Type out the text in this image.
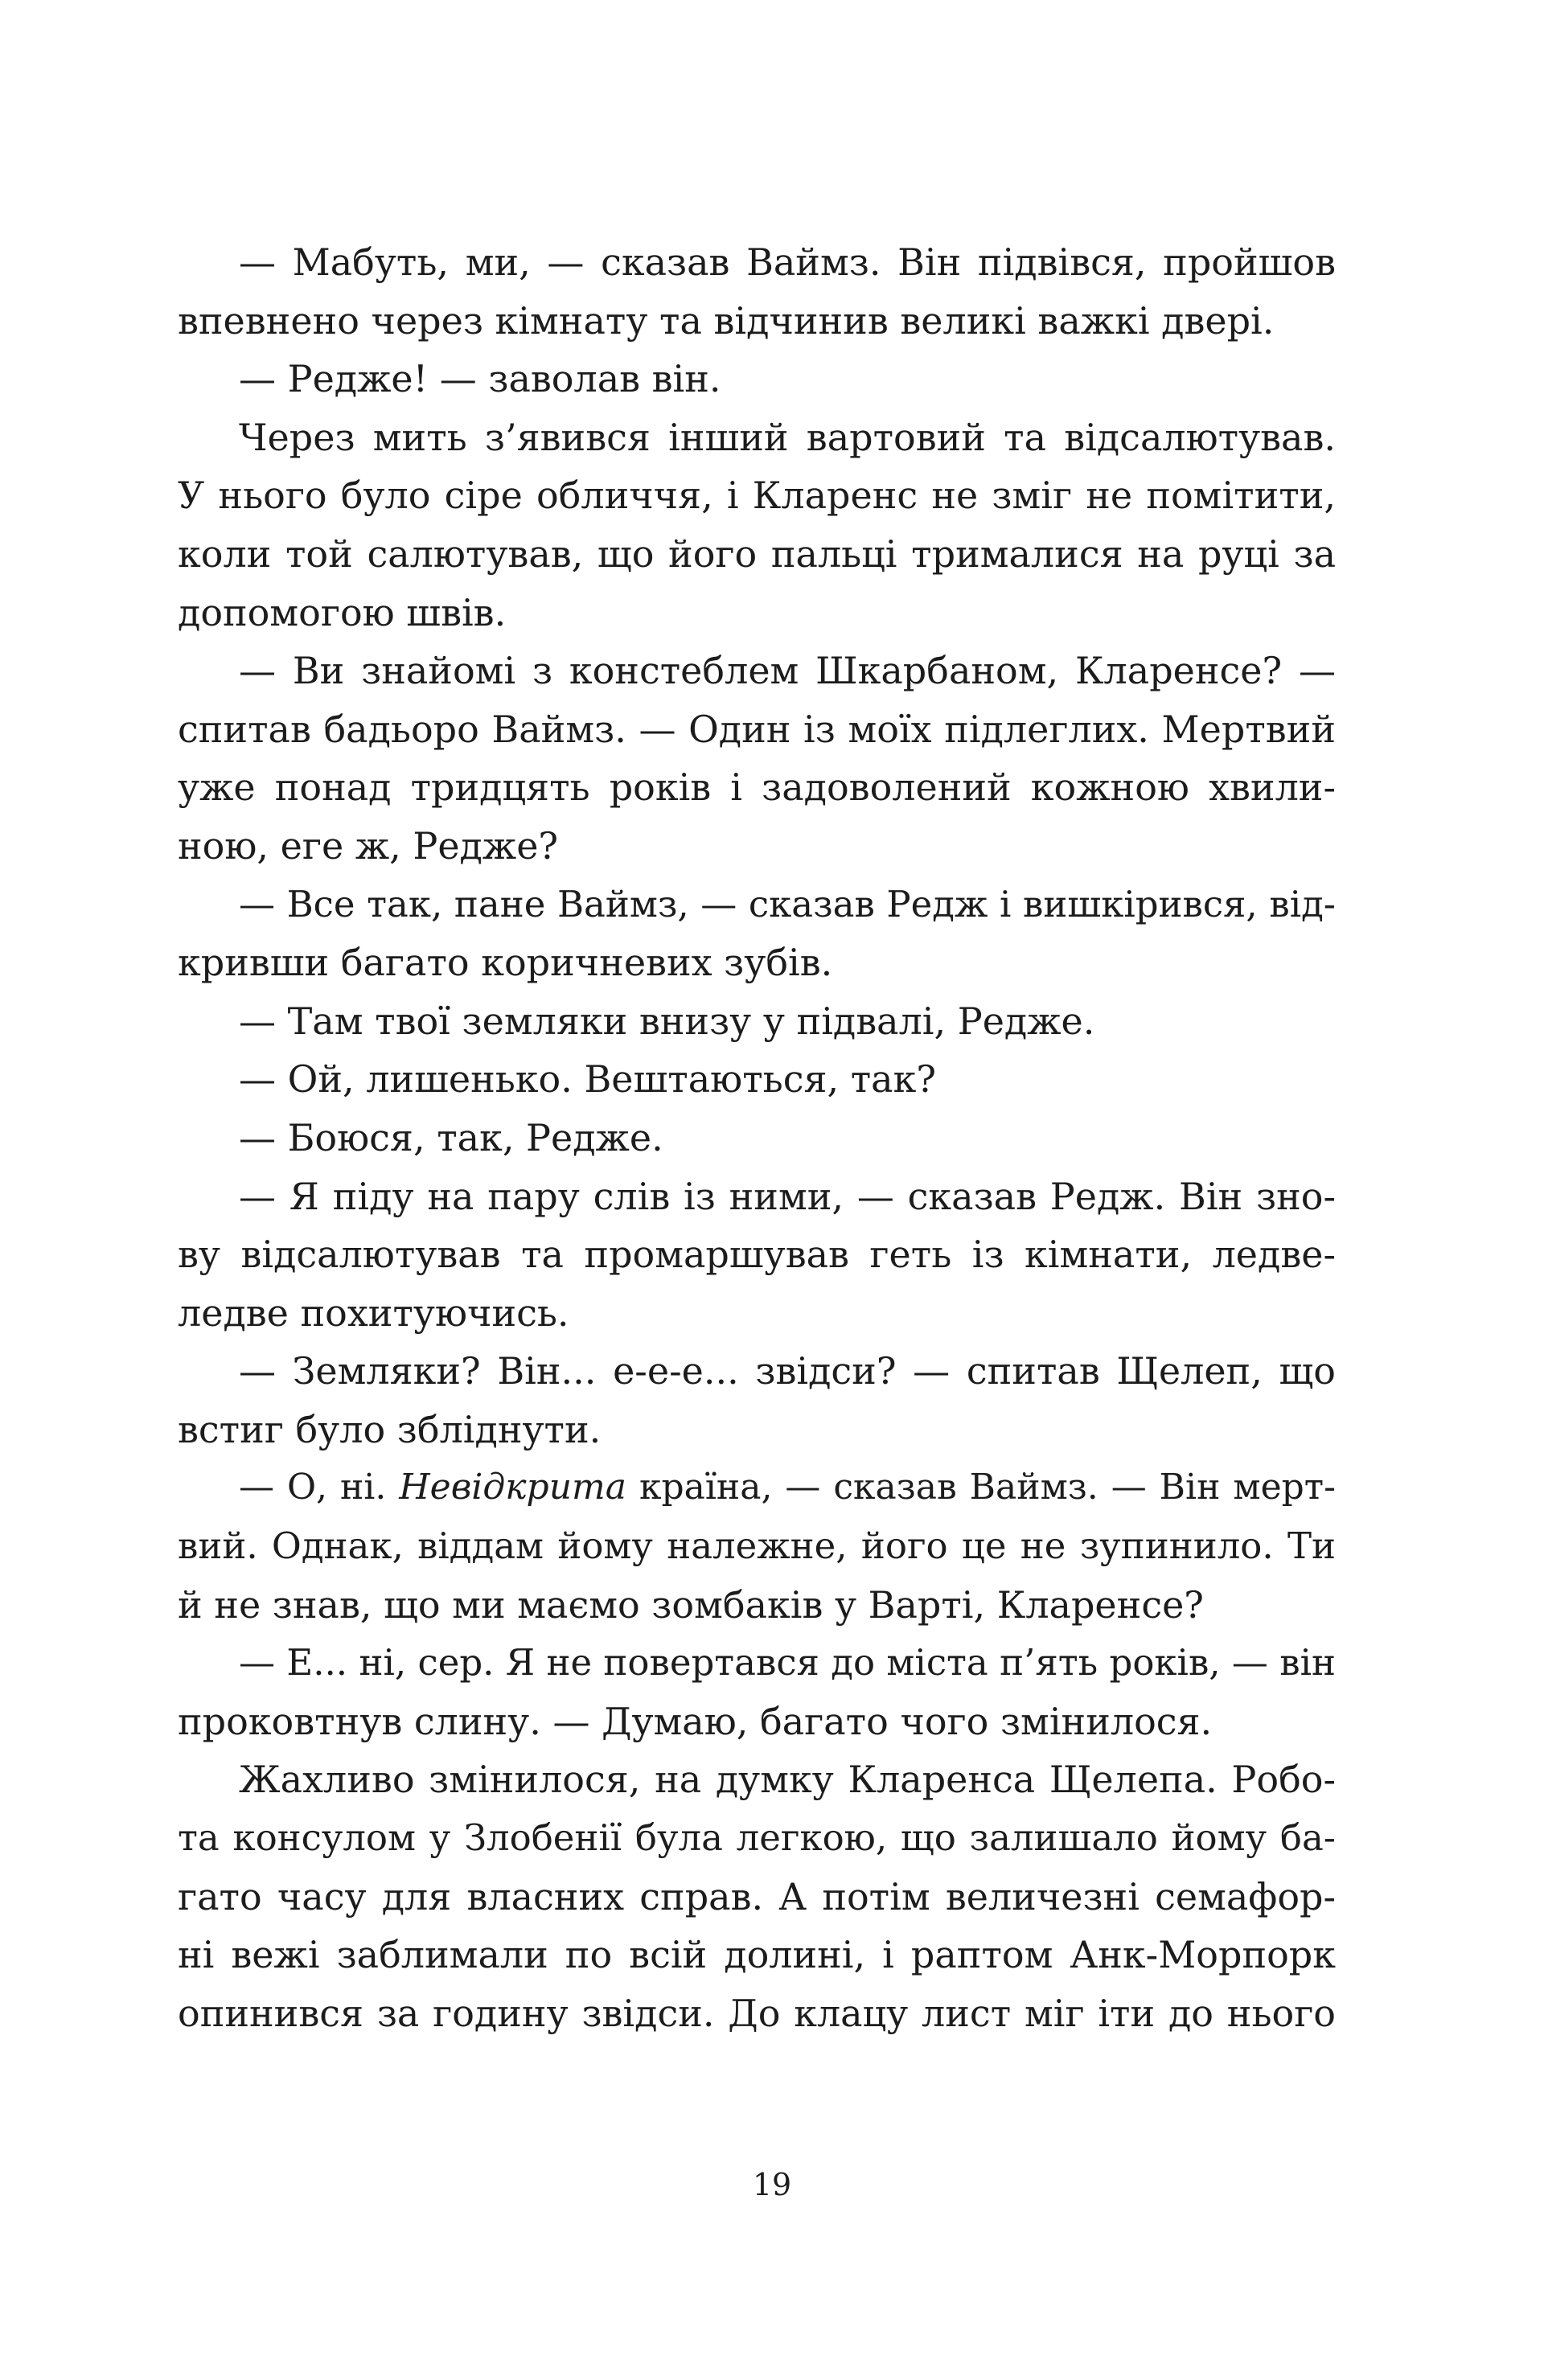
— Мабуть, ми, — сказав Ваймз. Він підвівся, пройшов
впевнено через кімнату та відчинив великі важкі двері.
— Редже! — заволав він.
Через мить з’явився інший вартовий та відсалютував.
У нього було сіре обличчя, і Кларенс не зміг не помітити,
коли той салютував, що його пальці трималися на руці за
допомогою швів.
— Ви знайомі з констеблем Шкарбаном, Кларенсе? —
спитав бадьоро Ваймз. — Один із моїх підлеглих. Мертвий
уже понад тридцять років і задоволений кожною хвили-
ною, еге ж, Редже?
— Все так, пане Ваймз, — сказав Редж і вишкірився, від-
кривши багато коричневих зубів.
— Там твої земляки внизу у підвалі, Редже.
— Ой, лишенько. Вештаються, так?
— Боюся, так, Редже.
— Я піду на пару слів із ними, — сказав Редж. Він зно-
ву відсалютував та промаршував геть із кімнати, ледве-
ледве похитуючись.
— Земляки? Він... е-е-е... звідси? — спитав Щелеп, що
встиг було збліднути.
— О, ні. Невідкрита країна, — сказав Ваймз. — Він мерт-
вий. Однак, віддам йому належне, його це не зупинило. Ти
й не знав, що ми маємо зомбаків у Варті, Кларенсе?
— Е... ні, сер. Я не повертався до міста п’ять років, — він
проковтнув слину. — Думаю, багато чого змінилося.
Жахливо змінилося, на думку Кларенса Щелепа. Робо-
та консулом у Злобенії була легкою, що залишало йому ба-
гато часу для власних справ. А потім величезні семафор-
ні вежі заблимали по всій долині, і раптом Анк-Морпорк
опинився за годину звідси. До клацу лист міг іти до нього
19
